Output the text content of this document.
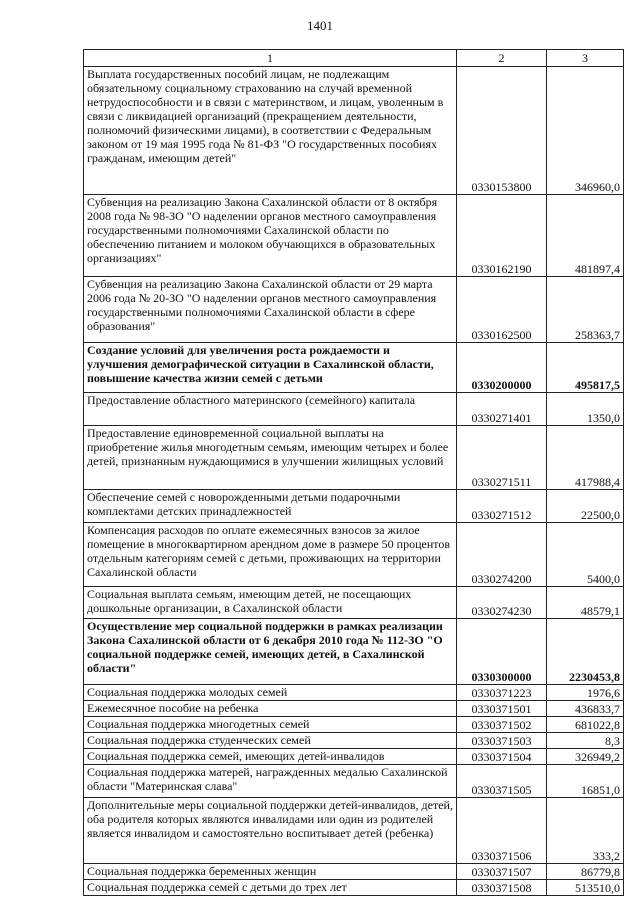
1401
1	2	3
Выплата государственных пособий лицам, не подлежащим обязательному социальному страхованию на случай временной нетрудоспособности и в связи с материнством, и лицам, уволенным в связи с ликвидацией организаций (прекращением деятельности, полномочий физическими лицами), в соответствии с Федеральным законом от 19 мая 1995 года № 81-ФЗ "О государственных пособиях гражданам, имеющим детей"	0330153800	346960,0
Субвенция на реализацию Закона Сахалинской области от 8 октября 2008 года № 98-ЗО "О наделении органов местного самоуправления государственными полномочиями Сахалинской области по обеспечению питанием и молоком обучающихся в образовательных организациях"	0330162190	481897,4
Субвенция на реализацию Закона Сахалинской области от 29 марта 2006 года № 20-ЗО "О наделении органов местного самоуправления государственными полномочиями Сахалинской области в сфере образования"	0330162500	258363,7
Создание условий для увеличения роста рождаемости и улучшения демографической ситуации в Сахалинской области, повышение качества жизни семей с детьми	0330200000	495817,5
Предоставление областного материнского (семейного) капитала	0330271401	1350,0
Предоставление единовременной социальной выплаты на приобретение жилья многодетным семьям, имеющим четырех и более детей, признанным нуждающимися в улучшении жилищных условий	0330271511	417988,4
Обеспечение семей с новорожденными детьми подарочными комплектами детских принадлежностей	0330271512	22500,0
Компенсация расходов по оплате ежемесячных взносов за жилое помещение в многоквартирном арендном доме в размере 50 процентов отдельным категориям семей с детьми, проживающих на территории Сахалинской области	0330274200	5400,0
Социальная выплата семьям, имеющим детей, не посещающих дошкольные организации, в Сахалинской области	0330274230	48579,1
Осуществление мер социальной поддержки в рамках реализации Закона Сахалинской области от 6 декабря 2010 года № 112-ЗО "О социальной поддержке семей, имеющих детей, в Сахалинской области"	0330300000	2230453,8
Социальная поддержка молодых семей	0330371223	1976,6
Ежемесячное пособие на ребенка	0330371501	436833,7
Социальная поддержка многодетных семей	0330371502	681022,8
Социальная поддержка студенческих семей	0330371503	8,3
Социальная поддержка семей, имеющих детей-инвалидов	0330371504	326949,2
Социальная поддержка матерей, награжденных медалью Сахалинской области "Материнская слава"	0330371505	16851,0
Дополнительные меры социальной поддержки детей-инвалидов, детей, оба родителя которых являются инвалидами или один из родителей является инвалидом и самостоятельно воспитывает детей (ребенка)	0330371506	333,2
Социальная поддержка беременных женщин	0330371507	86779,8
Социальная поддержка семей с детьми до трех лет	0330371508	513510,0
